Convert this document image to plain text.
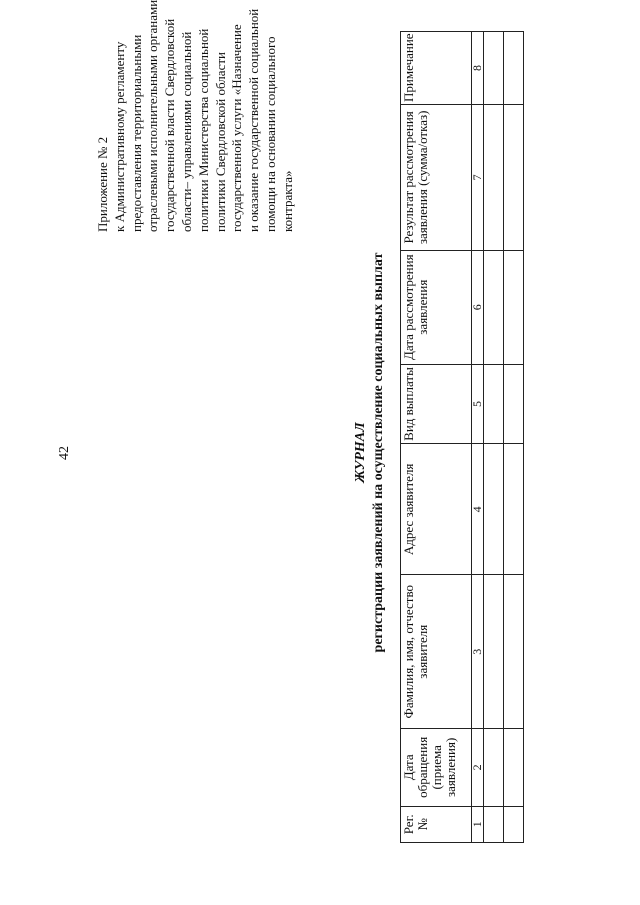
42
Приложение № 2 к Административному регламенту предоставления территориальными отраслевыми исполнительными органами государственной власти Свердловской области– управлениями социальной политики Министерства социальной политики Свердловской области государственной услуги «Назначение и оказание государственной социальной помощи на основании социального контракта»
ЖУРНАЛ регистрации заявлений на осуществление социальных выплат
Рег. №	Дата обращения (приема заявления)	Фамилия, имя, отчество заявителя	Адрес заявителя	Вид выплаты	Дата рассмотрения заявления	Результат рассмотрения заявления (сумма/отказ)	Примечание
1	2	3	4	5	6	7	8
